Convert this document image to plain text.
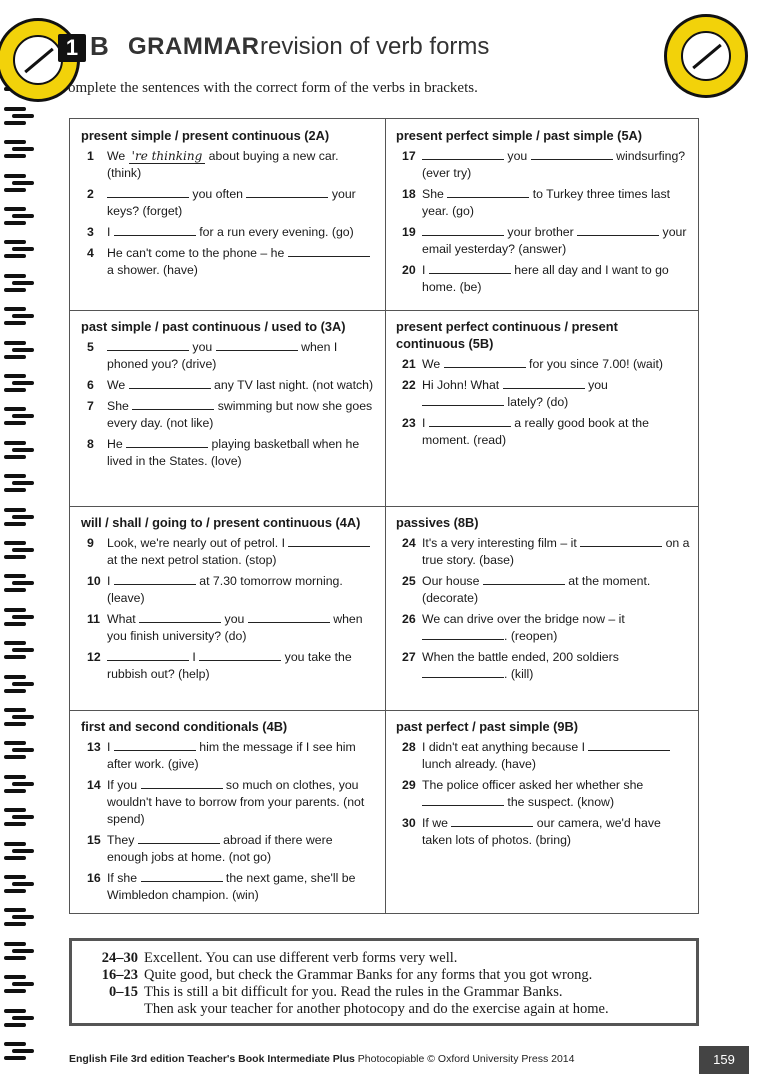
1 B GRAMMAR revision of verb forms
omplete the sentences with the correct form of the verbs in brackets.
present simple / present continuous (2A)
1 We 're thinking about buying a new car.
(think)
2	you often	your keys? (forget)
3 I	for a run every evening. (go)
4 He can't come to the phone – he  a shower. (have)
present perfect simple / past simple (5A)
17	you	windsurfing? (ever try)
18 She	to Turkey three times last year. (go)
19	your brother	your email yesterday? (answer)
20 I	here all day and I want to go home. (be)
past simple / past continuous / used to (3A)
5	you	when I phoned you? (drive)
6 We	any TV last night. (not watch)
7 She	swimming but now she goes every day. (not like)
8 He	playing basketball when he lived in the States. (love)
present perfect continuous / present continuous (5B)
21 We	for you since 7.00! (wait)
22 Hi John! What	you  lately? (do)
23 I	a really good book at the moment. (read)
will / shall / going to / present continuous (4A)
9 Look, we're nearly out of petrol. I  at the next petrol station. (stop)
10 I	at 7.30 tomorrow morning. (leave)
11 What	you	when you finish university? (do)
12	I	you take the rubbish out? (help)
passives (8B)
24 It's a very interesting film – it	on a true story. (base)
25 Our house	at the moment. (decorate)
26 We can drive over the bridge now – it . (reopen)
27 When the battle ended, 200 soldiers . (kill)
first and second conditionals (4B)
13 I	him the message if I see him after work. (give)
14 If you	so much on clothes, you wouldn't have to borrow from your parents. (not spend)
15 They	abroad if there were enough jobs at home. (not go)
16 If she	the next game, she'll be Wimbledon champion. (win)
past perfect / past simple (9B)
28 I didn't eat anything because I  lunch already. (have)
29 The police officer asked her whether she  the suspect. (know)
30 If we	our camera, we'd have taken lots of photos. (bring)
24–30 Excellent. You can use different verb forms very well.
16–23 Quite good, but check the Grammar Banks for any forms that you got wrong.
0–15 This is still a bit difficult for you. Read the rules in the Grammar Banks.
Then ask your teacher for another photocopy and do the exercise again at home.
English File 3rd edition Teacher's Book Intermediate Plus Photocopiable © Oxford University Press 2014	159
